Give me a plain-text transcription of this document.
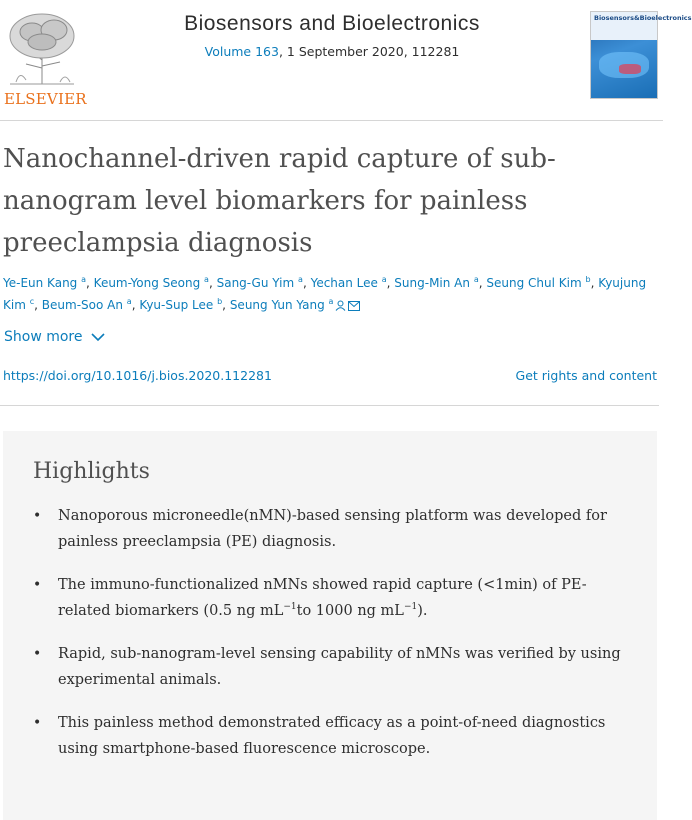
ELSEVIER
Biosensors and Bioelectronics
Volume 163, 1 September 2020, 112281
Biosensors&Bioelectronics
Nanochannel-driven rapid capture of sub-nanogram level biomarkers for painless preeclampsia diagnosis
Ye-Eun Kang $^a$, Keum-Yong Seong $^a$, Sang-Gu Yim $^a$, Yechan Lee $^a$, Sung-Min An $^a$, Seung Chul Kim $^b$, Kyujung Kim $^c$, Beum-Soo An $^a$, Kyu-Sup Lee $^b$, Seung Yun Yang $^a$
Show more
https://doi.org/10.1016/j.bios.2020.112281	Get rights and content
Highlights
• Nanoporous microneedle(nMN)-based sensing platform was developed for painless preeclampsia (PE) diagnosis.
• The immuno-functionalized nMNs showed rapid capture (<1min) of PE-related biomarkers (0.5 ng $mL^{-1}to$ 1000 ng $mL^{-1}$).
• Rapid, sub-nanogram-level sensing capability of nMNs was verified by using experimental animals.
• This painless method demonstrated efficacy as a point-of-need diagnostics using smartphone-based fluorescence microscope.
